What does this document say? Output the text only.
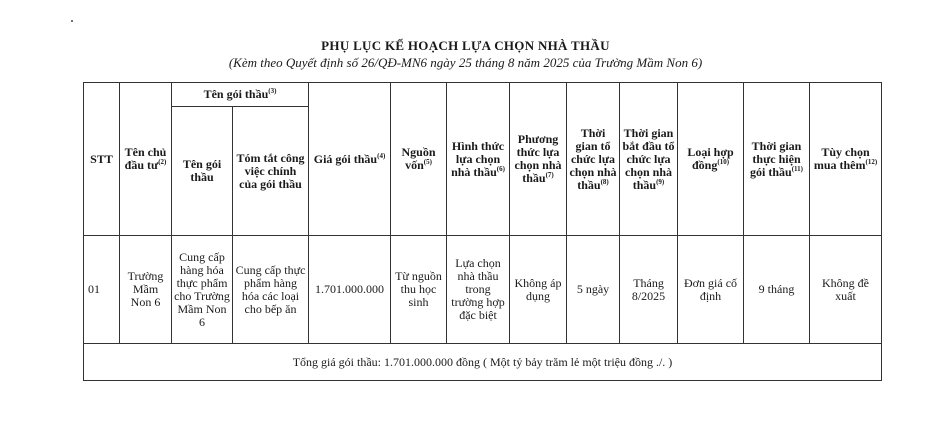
PHỤ LỤC KẾ HOẠCH LỰA CHỌN NHÀ THẦU
(Kèm theo Quyết định số 26/QĐ-MN6 ngày 25 tháng 8 năm 2025 của Trường Mầm Non 6)
STT	Tên chủ đầu $tư^{(2)}$	Tên gói thầu$^{(3)}$		Giá gói thầu$^{(4)}$	Nguồn vốn$^{(5)}$	Hình thức lựa chọn nhà thầu$^{(6)}$	Phương thức lựa chọn nhà thầu$^{(7)}$	Thời gian tổ chức lựa chọn nhà thầu$^{(8)}$	Thời gian bắt đầu tổ chức lựa chọn nhà thầu$^{(9)}$	Loại hợp đồng$^{(10)}$	Thời gian thực hiện gói thầu$^{(11)}$	Tùy chọn mua thêm$^{(12)}$
		Tên gói thầu	Tóm tắt công việc chính của gói thầu									
01	Trường Mầm Non 6	Cung cấp hàng hóa thực phẩm cho Trường Mầm Non 6	Cung cấp thực phẩm hàng hóa các loại cho bếp ăn	1.701.000.000	Từ nguồn thu học sinh	Lựa chọn nhà thầu trong trường hợp đặc biệt	Không áp dụng	5 ngày	Tháng 8/2025	Đơn giá cố định	9 tháng	Không đề xuất
Tổng giá gói thầu: 1.701.000.000 đồng ( Một tỷ bảy trăm lẻ một triệu đồng ./. )												
